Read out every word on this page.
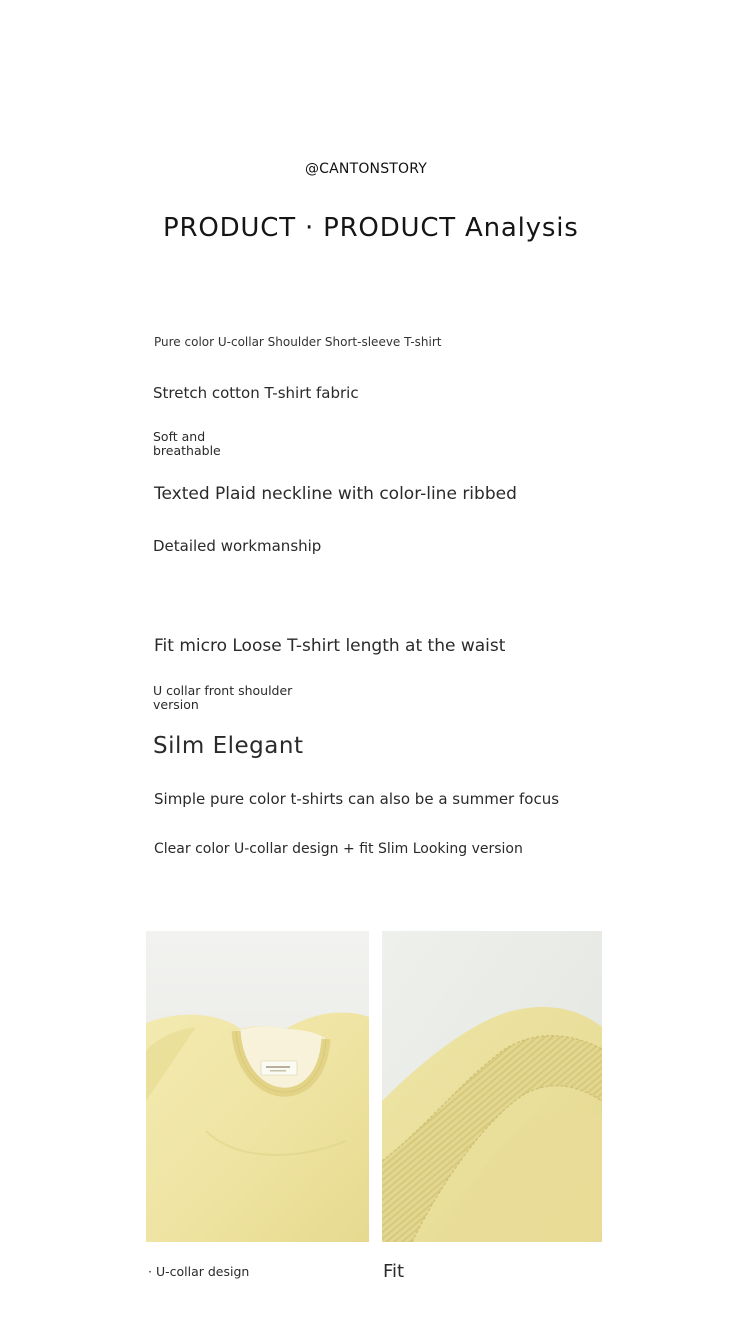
@CANTONSTORY
PRODUCT · PRODUCT Analysis
Pure color U-collar Shoulder Short-sleeve T-shirt
Stretch cotton T-shirt fabric
Soft and breathable
Texted Plaid neckline with color-line ribbed
Detailed workmanship
Fit micro Loose T-shirt length at the waist
U collar front shoulder version
Silm Elegant
Simple pure color t-shirts can also be a summer focus
Clear color U-collar design + fit Slim Looking version
· U-collar design	Fit
